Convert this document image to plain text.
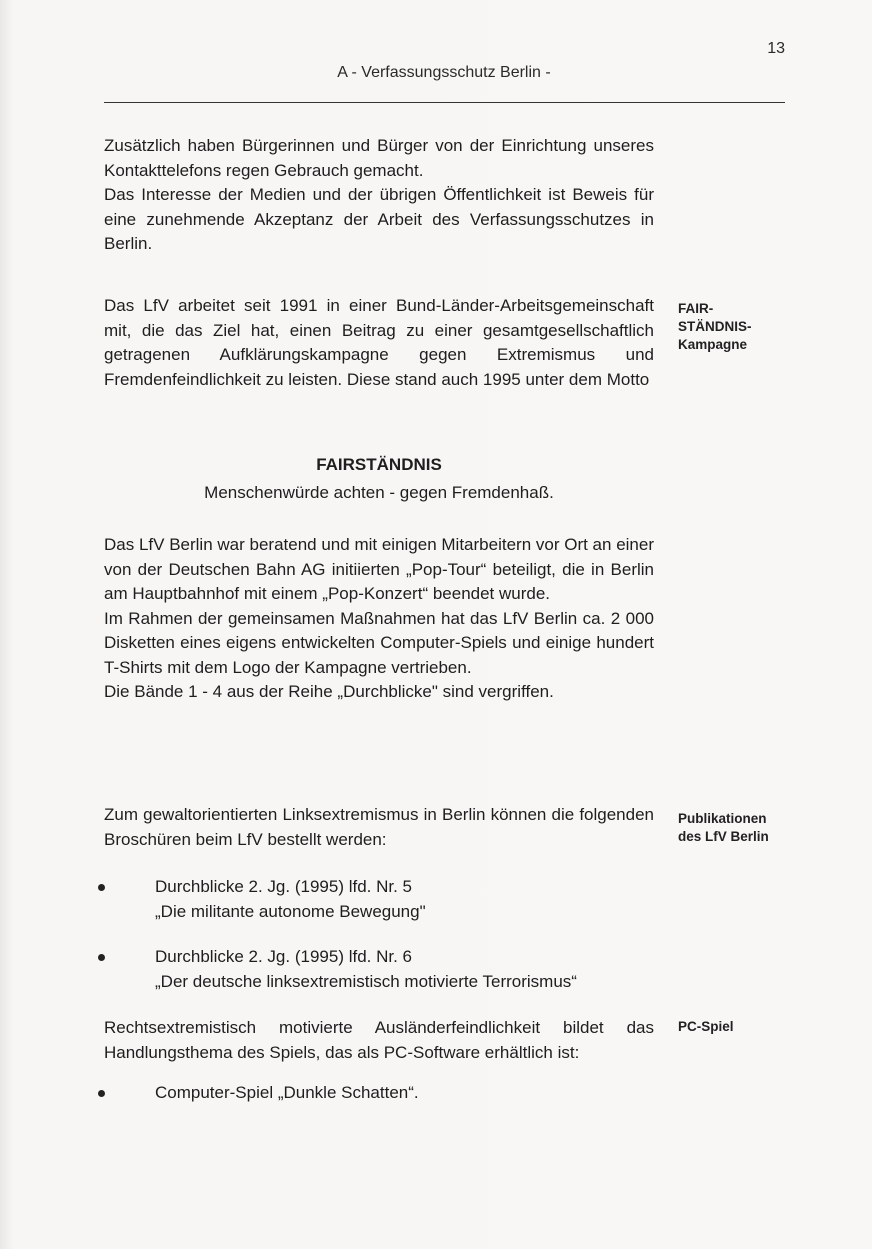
13
A - Verfassungsschutz Berlin -

Zusätzlich haben Bürgerinnen und Bürger von der Einrichtung unseres Kontakttelefons regen Gebrauch gemacht.

Das Interesse der Medien und der übrigen Öffentlichkeit ist Beweis für eine zunehmende Akzeptanz der Arbeit des Verfassungsschutzes in Berlin.

Das LfV arbeitet seit 1991 in einer Bund-Länder-Arbeitsgemeinschaft mit, die das Ziel hat, einen Beitrag zu einer gesamtgesellschaftlich getragenen Aufklärungskampagne gegen Extremismus und Fremdenfeindlichkeit zu leisten. Diese stand auch 1995 unter dem Motto

FAIR-
STÄNDNIS-
Kampagne
FAIRSTÄNDNIS
Menschenwürde achten - gegen Fremdenhaß.

Das LfV Berlin war beratend und mit einigen Mitarbeitern vor Ort an einer von der Deutschen Bahn AG initiierten „Pop-Tour“ beteiligt, die in Berlin am Hauptbahnhof mit einem „Pop-Konzert“ beendet wurde.

Im Rahmen der gemeinsamen Maßnahmen hat das LfV Berlin ca. 2 000 Disketten eines eigens entwickelten Computer-Spiels und einige hundert T-Shirts mit dem Logo der Kampagne vertrieben.

Die Bände 1 - 4 aus der Reihe „Durchblicke" sind vergriffen.

Zum gewaltorientierten Linksextremismus in Berlin können die folgenden Broschüren beim LfV bestellt werden:

Publikationen
des LfV Berlin
Durchblicke 2. Jg. (1995) lfd. Nr. 5
„Die militante autonome Bewegung"
Durchblicke 2. Jg. (1995) lfd. Nr. 6
„Der deutsche linksextremistisch motivierte Terrorismus“

Rechtsextremistisch motivierte Ausländerfeindlichkeit bildet das Handlungsthema des Spiels, das als PC-Software erhältlich ist:

PC-Spiel
Computer-Spiel „Dunkle Schatten“.
